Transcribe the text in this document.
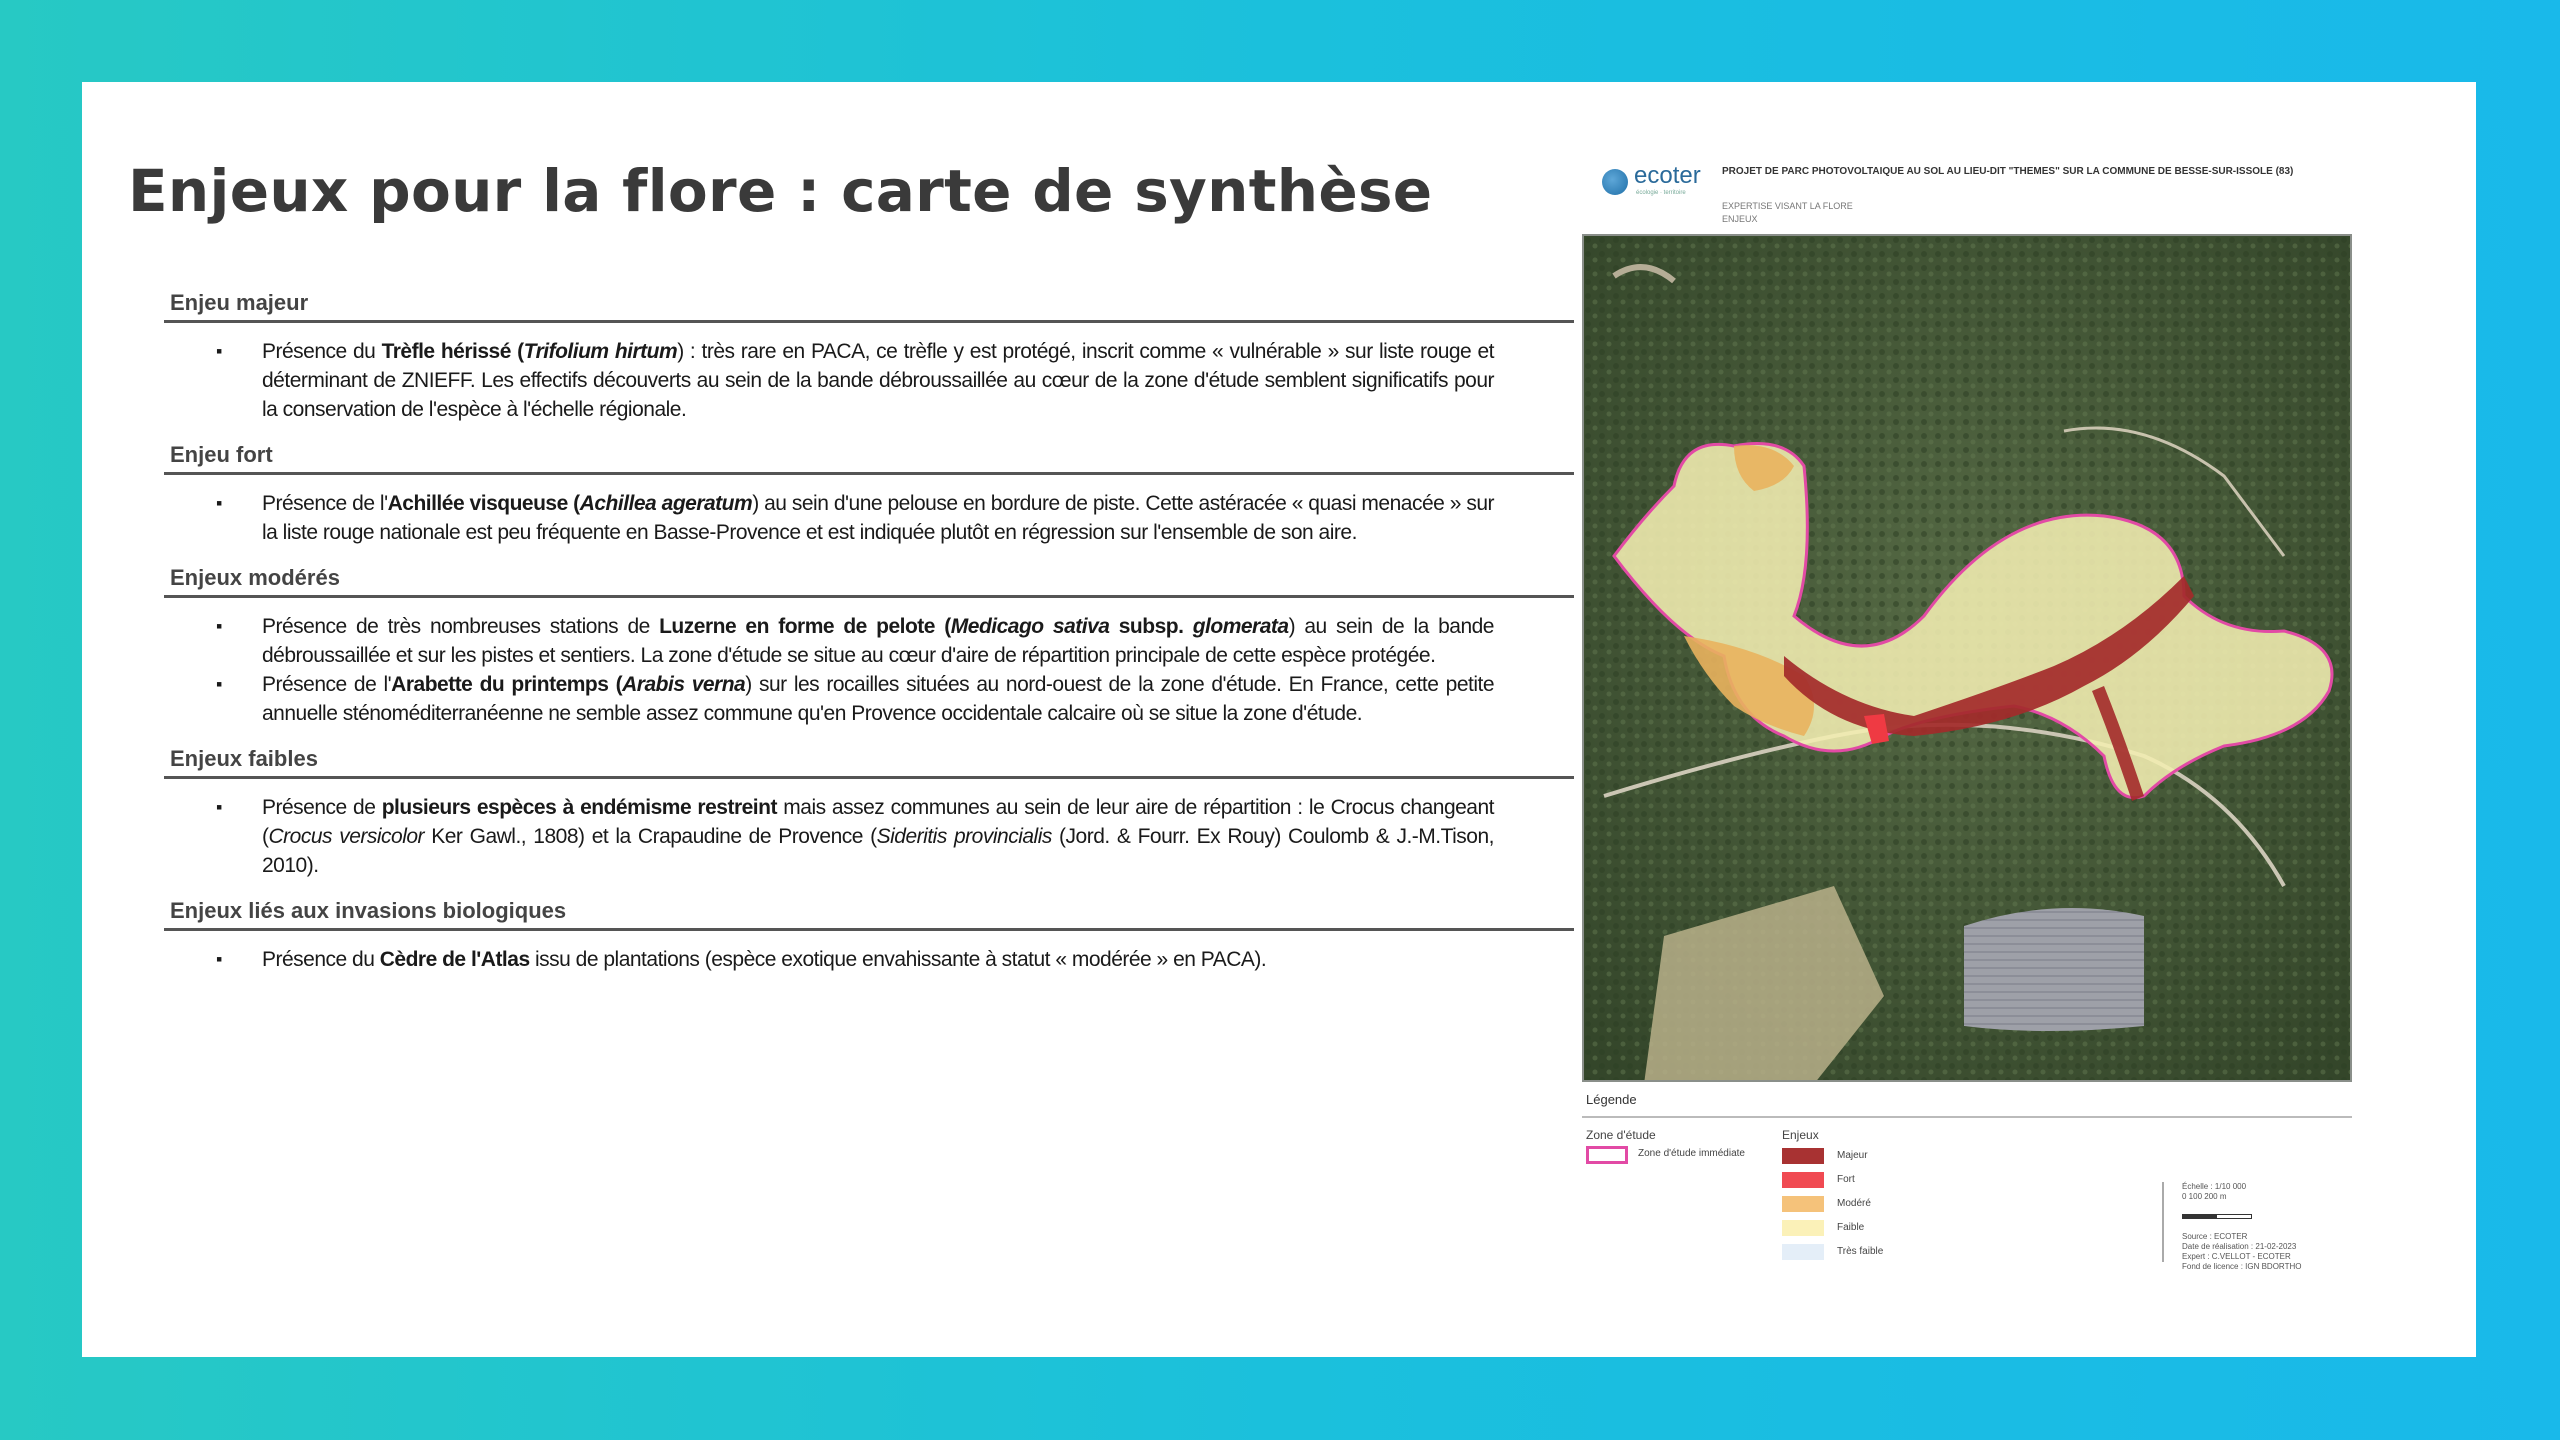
Enjeux pour la flore : carte de synthèse
Enjeu majeur
▪ Présence du Trèfle hérissé (Trifolium hirtum) : très rare en PACA, ce trèfle y est protégé, inscrit comme « vulnérable » sur liste rouge et déterminant de ZNIEFF. Les effectifs découverts au sein de la bande débroussaillée au cœur de la zone d'étude semblent significatifs pour la conservation de l'espèce à l'échelle régionale.
Enjeu fort
▪ Présence de l'Achillée visqueuse (Achillea ageratum) au sein d'une pelouse en bordure de piste. Cette astéracée « quasi menacée » sur la liste rouge nationale est peu fréquente en Basse-Provence et est indiquée plutôt en régression sur l'ensemble de son aire.
Enjeux modérés
▪ Présence de très nombreuses stations de Luzerne en forme de pelote (Medicago sativa subsp. glomerata) au sein de la bande débroussaillée et sur les pistes et sentiers. La zone d'étude se situe au cœur d'aire de répartition principale de cette espèce protégée.
▪ Présence de l'Arabette du printemps (Arabis verna) sur les rocailles situées au nord-ouest de la zone d'étude. En France, cette petite annuelle sténoméditerranéenne ne semble assez commune qu'en Provence occidentale calcaire où se situe la zone d'étude.
Enjeux faibles
▪ Présence de plusieurs espèces à endémisme restreint mais assez communes au sein de leur aire de répartition : le Crocus changeant (Crocus versicolor Ker Gawl., 1808) et la Crapaudine de Provence (Sideritis provincialis (Jord. & Fourr. Ex Rouy) Coulomb & J.-M.Tison, 2010).
Enjeux liés aux invasions biologiques
▪ Présence du Cèdre de l'Atlas issu de plantations (espèce exotique envahissante à statut « modérée » en PACA).
ecoter
écologie · territoire
PROJET DE PARC PHOTOVOLTAIQUE AU SOL AU LIEU-DIT "THEMES" SUR LA COMMUNE DE BESSE-SUR-ISSOLE (83)
EXPERTISE VISANT LA FLORE
ENJEUX
Légende
Zone d'étude
Zone d'étude immédiate
Enjeux
Majeur
Fort
Modéré
Faible
Très faible
Échelle : 1/10 000
0 100 200 m
Source : ECOTER
Date de réalisation : 21-02-2023
Expert : C.VELLOT - ECOTER
Fond de licence : IGN BDORTHO
